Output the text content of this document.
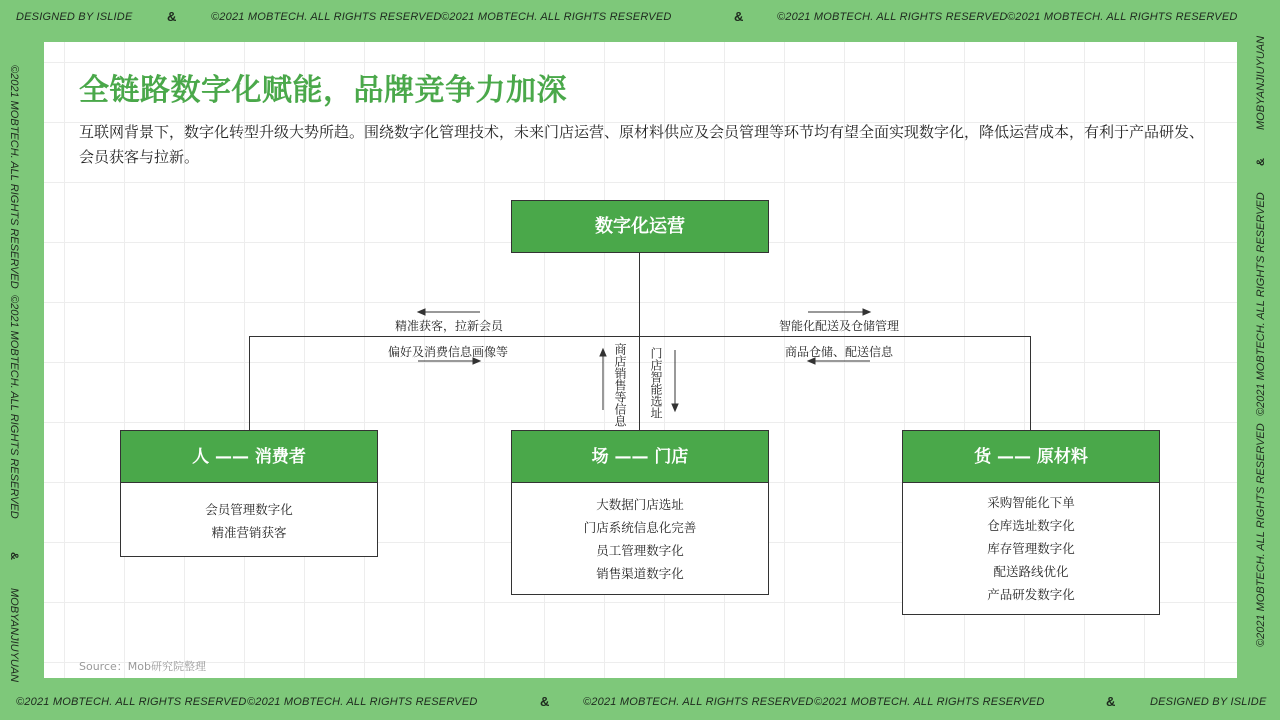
DESIGNED BY ISLIDE	&	©2021 MOBTECH. ALL RIGHTS RESERVED ©2021 MOBTECH. ALL RIGHTS RESERVED	&	©2021 MOBTECH. ALL RIGHTS RESERVED ©2021 MOBTECH. ALL RIGHTS RESERVED
©2021 MOBTECH. ALL RIGHTS RESERVED ©2021 MOBTECH. ALL RIGHTS RESERVED	&	©2021 MOBTECH. ALL RIGHTS RESERVED ©2021 MOBTECH. ALL RIGHTS RESERVED	&	DESIGNED BY ISLIDE
©2021 MOBTECH. ALL RIGHTS RESERVED
©2021 MOBTECH. ALL RIGHTS RESERVED
&
MOBYANJIUYUAN
MOBYANJIUYUAN
&
©2021 MOBTECH. ALL RIGHTS RESERVED
©2021 MOBTECH. ALL RIGHTS RESERVED
全链路数字化赋能，品牌竞争力加深
互联网背景下，数字化转型升级大势所趋。围绕数字化管理技术，未来门店运营、原材料供应及会员管理等环节均有望全面实现数字化，降低运营成本，有利于产品研发、会员获客与拉新。
精准获客，拉新会员
偏好及消费信息画像等
智能化配送及仓储管理
商品仓储、配送信息
商店销售等信息 门店智能选址
数字化运营
人 —— 消费者
会员管理数字化
精准营销获客
场 —— 门店
大数据门店选址
门店系统信息化完善
员工管理数字化
销售渠道数字化
货 —— 原材料
采购智能化下单
仓库选址数字化
库存管理数字化
配送路线优化
产品研发数字化
Source：Mob研究院整理
